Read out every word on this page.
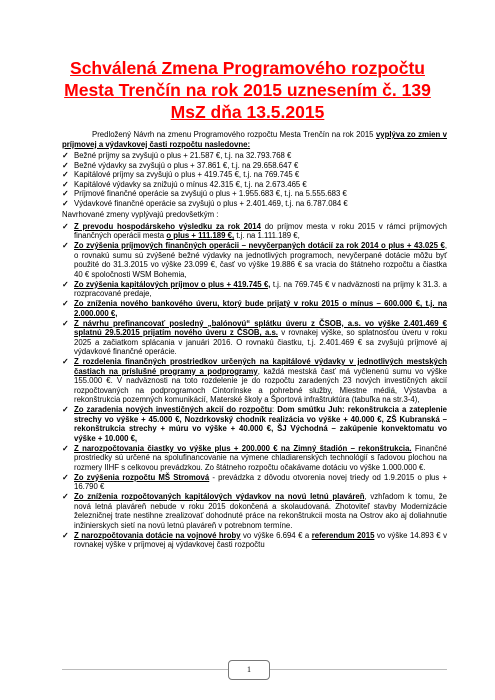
Schválená Zmena Programového rozpočtu
Mesta Trenčín na rok 2015 uznesením č. 139
MsZ dňa 13.5.2015

Predložený Návrh na zmenu Programového rozpočtu Mesta Trenčín na rok 2015 vyplýva zo zmien v príjmovej a výdavkovej časti rozpočtu nasledovne:

✓ Bežné príjmy sa zvyšujú o plus + 21.587 €, t.j. na 32.793.768 €
✓ Bežné výdavky sa zvyšujú o plus + 37.861 €, t.j. na 29.658.647 €
✓ Kapitálové príjmy sa zvyšujú o plus + 419.745 €, t.j. na 769.745 €
✓ Kapitálové výdavky sa znižujú o mínus 42.315 €, t.j. na 2.673.465 €
✓ Príjmové finančné operácie sa zvyšujú o plus + 1.955.683 €, t.j. na 5.555.683 €
✓ Výdavkové finančné operácie sa zvyšujú o plus + 2.401.469, t.j. na 6.787.084 €

Navrhované zmeny vyplývajú predovšetkým :

✓ Z prevodu hospodárskeho výsledku za rok 2014 do príjmov mesta v roku 2015 v rámci príjmových finančných operácii mesta o plus + 111.189 €, t.j. na 1.111.189 €,
✓ Zo zvýšenia príjmových finančných operácii – nevyčerpaných dotácií za rok 2014 o plus + 43.025 €, o rovnakú sumu sú zvýšené bežné výdavky na jednotlivých programoch, nevyčerpané dotácie môžu byť použité do 31.3.2015 vo výške 23.099 €, časť vo výške 19.886 € sa vracia do štátneho rozpočtu a čiastka 40 € spoločnosti WSM Bohemia,
✓ Zo zvýšenia kapitálových príjmov o plus + 419.745 €, t.j. na 769.745 € v nadväznosti na príjmy k 31.3. a rozpracované predaje,
✓ Zo zníženia nového bankového úveru, ktorý bude prijatý v roku 2015 o mínus – 600.000 €, t.j. na 2.000.000 €,
✓ Z návrhu prefinancovať posledný „balónovú“ splátku úveru z ČSOB, a.s. vo výške 2.401.469 € splatnú 29.5.2015 prijatím nového úveru z ČSOB, a.s. v rovnakej výške, so splatnosťou úveru v roku 2025 a začiatkom splácania v januári 2016. O rovnakú čiastku, t.j. 2.401.469 € sa zvyšujú príjmové aj výdavkové finančné operácie.
✓ Z rozdelenia finančných prostriedkov určených na kapitálové výdavky v jednotlivých mestských častiach na príslušné programy a podprogramy, každá mestská časť má vyčlenenú sumu vo výške 155.000 €. V nadväznosti na toto rozdelenie je do rozpočtu zaradených 23 nových investičných akcií rozpočtovaných na podprogramoch Cintorínske a pohrebné služby, Miestne médiá, Výstavba a rekonštrukcia pozemných komunikácií, Materské školy a Športová infraštruktúra (tabuľka na str.3-4),
✓ Zo zaradenia nových investičných akcií do rozpočtu: Dom smútku Juh: rekonštrukcia a zateplenie strechy vo výške + 45.000 €, Nozdrkovský chodník realizácia vo výške + 40.000 €, ZŠ Kubranská – rekonštrukcia strechy + múru vo výške + 40.000 €, ŠJ Východná – zakúpenie konvektomatu vo výške + 10.000 €,
✓ Z narozpočtovania čiastky vo výške plus + 200.000 € na Zimný štadión – rekonštrukcia. Finančné prostriedky sú určené na spolufinancovanie na výmene chladiarenských technológií s ľadovou plochou na rozmery IIHF s celkovou prevádzkou. Zo štátneho rozpočtu očakávame dotáciu vo výške 1.000.000 €.
✓ Zo zvýšenia rozpočtu MŠ Stromová - prevádzka z dôvodu otvorenia novej triedy od 1.9.2015 o plus + 16.790 €
✓ Zo zníženia rozpočtovaných kapitálových výdavkov na novú letnú plaváreň, vzhľadom k tomu, že nová letná plaváreň nebude v roku 2015 dokončená a skolaudovaná. Zhotoviteľ stavby Modernizácie železničnej trate nestihne zrealizovať dohodnuté práce na rekonštrukcii mosta na Ostrov ako aj doliahnutie inžinierskych sietí na novú letnú plaváreň v potrebnom termíne.
✓ Z narozpočtovania dotácie na vojnové hroby vo výške 6.694 € a referendum 2015 vo výške 14.893 € v rovnakej výške v príjmovej aj výdavkovej časti rozpočtu
1
